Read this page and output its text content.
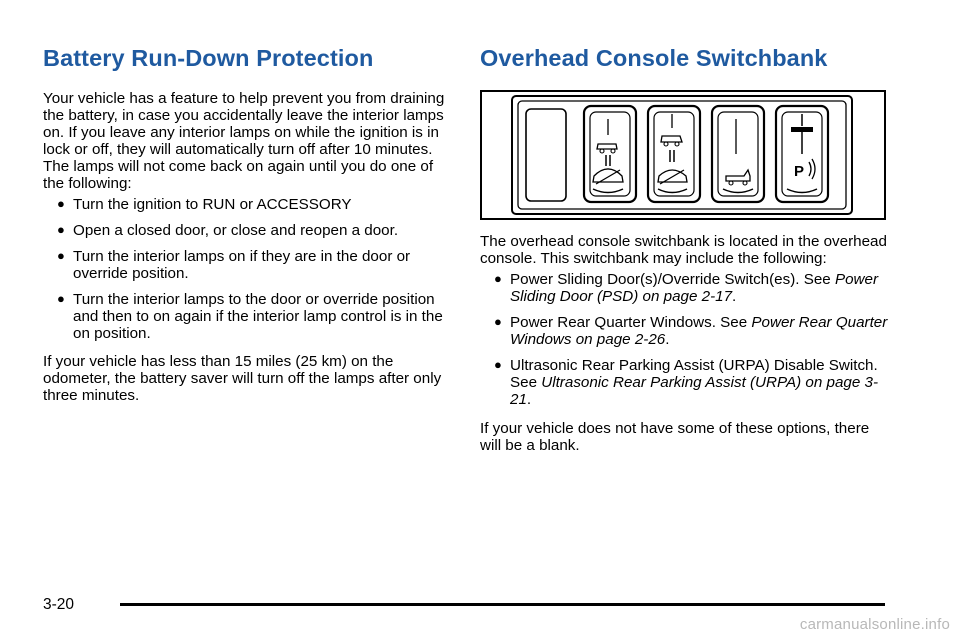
Battery Run-Down Protection

Your vehicle has a feature to help prevent you from draining the battery, in case you accidentally leave the interior lamps on. If you leave any interior lamps on while the ignition is in lock or off, they will automatically turn off after 10 minutes. The lamps will not come back on again until you do one of the following:

● Turn the ignition to RUN or ACCESSORY
● Open a closed door, or close and reopen a door.
● Turn the interior lamps on if they are in the door or override position.
● Turn the interior lamps to the door or override position and then to on again if the interior lamp control is in the on position.

If your vehicle has less than 15 miles (25 km) on the odometer, the battery saver will turn off the lamps after only three minutes.

Overhead Console Switchbank
P

The overhead console switchbank is located in the overhead console. This switchbank may include the following:

● Power Sliding Door(s)/Override Switch(es). See Power Sliding Door (PSD) on page 2-17.
● Power Rear Quarter Windows. See Power Rear Quarter Windows on page 2-26.
● Ultrasonic Rear Parking Assist (URPA) Disable Switch. See Ultrasonic Rear Parking Assist (URPA) on page 3-21.

If your vehicle does not have some of these options, there will be a blank.

3-20
carmanualsonline.info
